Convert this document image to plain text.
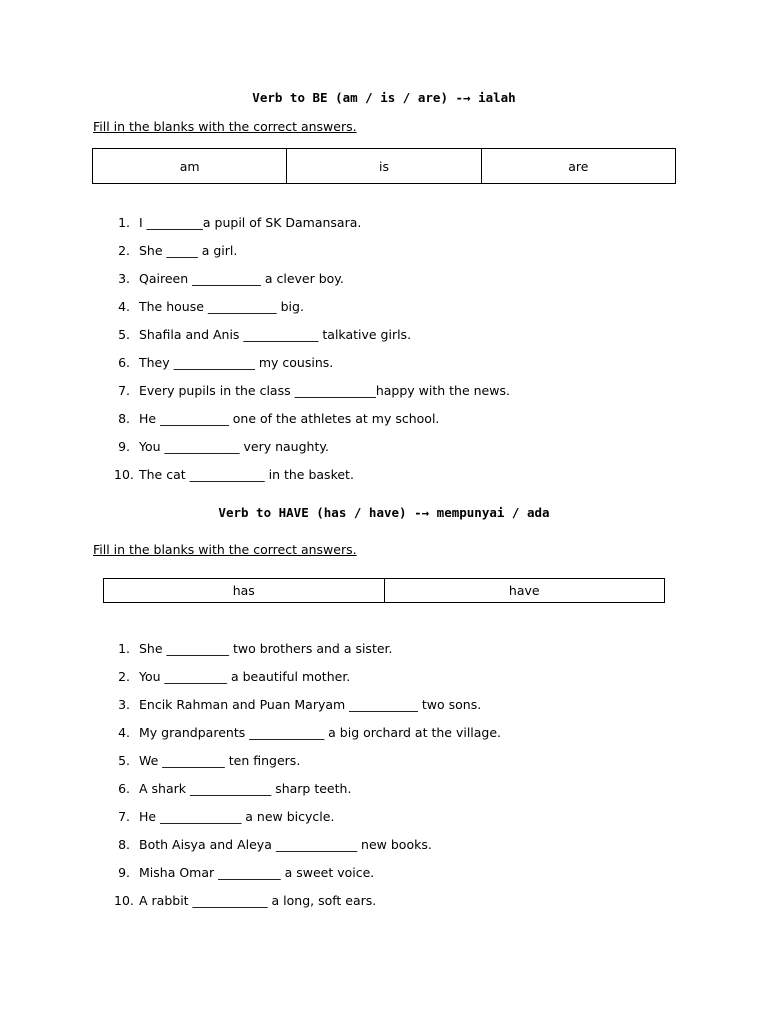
Verb to BE (am / is / are) -→ ialah
Fill in the blanks with the correct answers.
am	is	are
1. I _________a pupil of SK Damansara.
2. She _____ a girl.
3. Qaireen ___________ a clever boy.
4. The house ___________ big.
5. Shafila and Anis ____________ talkative girls.
6. They _____________ my cousins.
7. Every pupils in the class _____________happy with the news.
8. He ___________ one of the athletes at my school.
9. You ____________ very naughty.
10. The cat ____________ in the basket.
Verb to HAVE (has / have) -→ mempunyai / ada
Fill in the blanks with the correct answers.
has	have
1. She __________ two brothers and a sister.
2. You __________ a beautiful mother.
3. Encik Rahman and Puan Maryam ___________ two sons.
4. My grandparents ____________ a big orchard at the village.
5. We __________ ten fingers.
6. A shark _____________ sharp teeth.
7. He _____________ a new bicycle.
8. Both Aisya and Aleya _____________ new books.
9. Misha Omar __________ a sweet voice.
10. A rabbit ____________ a long, soft ears.
